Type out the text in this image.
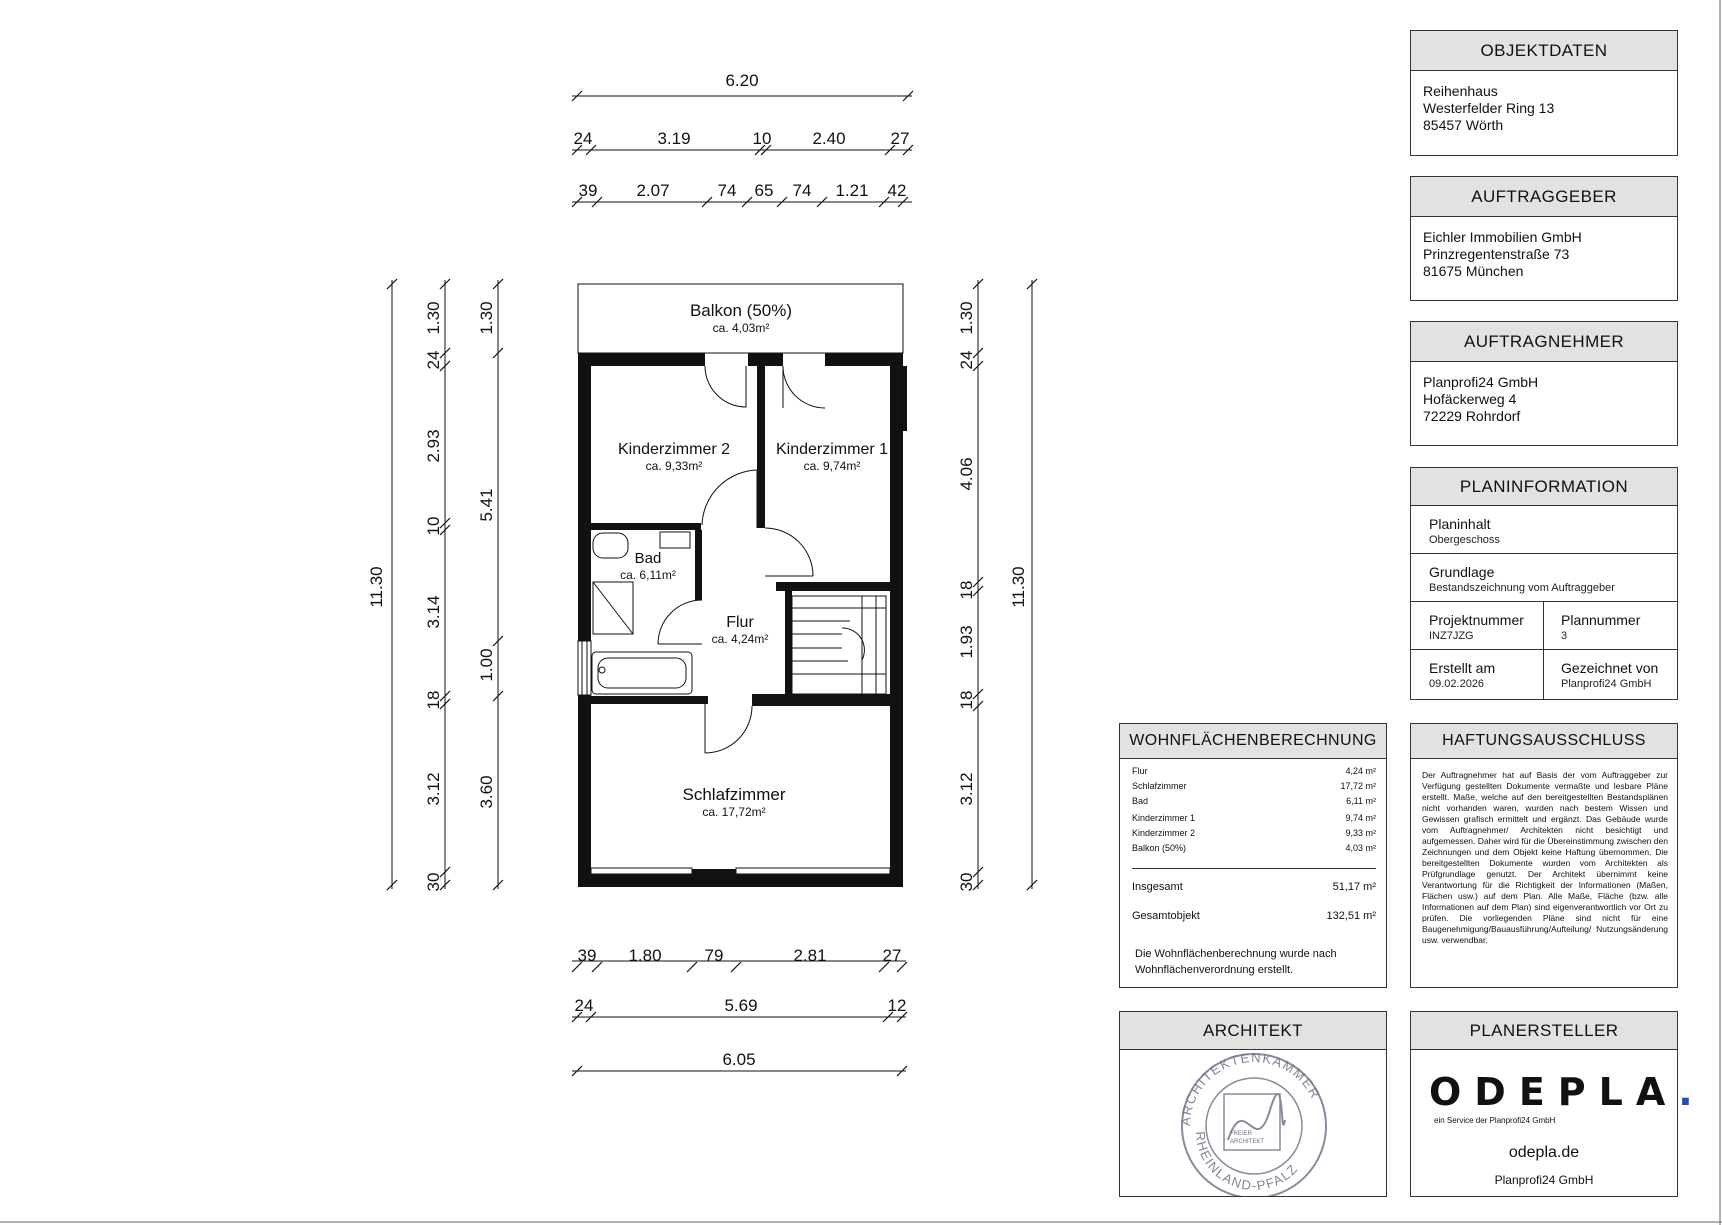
6.20
24	3.19	10 2.40	27
39 2.07	74 65 74 1.21 42
39 1.80	79	2.81	27
24	5.69	12
6.05
11.30
1.30
24
2.93
10
3.14
18
3.12
30
1.30
5.41
1.00
3.60
11.30
1.30
24
4.06
18
1.93
18
3.12
30
Balkon (50%)
ca. 4,03m²
Kinderzimmer 2
ca. 9,33m²
Kinderzimmer 1
ca. 9,74m²
Bad
ca. 6,11m²
Flur
ca. 4,24m²
Schlafzimmer
ca. 17,72m²
OBJEKTDATEN
Reihenhaus
Westerfelder Ring 13
85457 Wörth
AUFTRAGGEBER
Eichler Immobilien GmbH
Prinzregentenstraße 73
81675 München
AUFTRAGNEHMER
Planprofi24 GmbH
Hofäckerweg 4
72229 Rohrdorf
PLANINFORMATION
Planinhalt
Obergeschoss
Grundlage
Bestandszeichnung vom Auftraggeber
Projektnummer
INZ7JZG
Plannummer
3
Erstellt am
09.02.2026
Gezeichnet von
Planprofi24 GmbH
WOHNFLÄCHENBERECHNUNG
Flur	4,24 m²
Schlafzimmer	17,72 m²
Bad	6,11 m²
Kinderzimmer 1	9,74 m²
Kinderzimmer 2	9,33 m²
Balkon (50%)	4,03 m²
Insgesamt	51,17 m²
Gesamtobjekt	132,51 m²
Die Wohnflächenberechnung wurde nach Wohnflächenverordnung erstellt.
HAFTUNGSAUSSCHLUSS
Der Auftragnehmer hat auf Basis der vom Auftraggeber zur Verfügung gestellten Dokumente vermaßte und lesbare Pläne erstellt. Maße, welche auf den bereitgestellten Bestandsplänen nicht vorhanden waren, wurden nach bestem Wissen und Gewissen grafisch ermittelt und ergänzt. Das Gebäude wurde vom Auftragnehmer/ Architekten nicht besichtigt und aufgemessen. Daher wird für die Übereinstimmung zwischen den Zeichnungen und dem Objekt keine Haftung übernommen. Die bereitgestellten Dokumente wurden vom Architekten als Prüfgrundlage genutzt. Der Architekt übernimmt keine Verantwortung für die Richtigkeit der Informationen (Maßen, Flächen usw.) auf dem Plan. Alle Maße, Fläche (bzw. alle Informationen auf dem Plan) sind eigenverantwortlich vor Ort zu prüfen. Die vorliegenden Pläne sind nicht für eine Baugenehmigung/Bauausführung/Aufteilung/ Nutzungsänderung usw. verwendbar.
ARCHITEKT
ARCHITEKTENKAMMER
RHEINLAND-PFALZ
FREIER
ARCHITEKT
PLANERSTELLER
ODEPLA.
ein Service der Planprofi24 GmbH
odepla.de
Planprofi24 GmbH
